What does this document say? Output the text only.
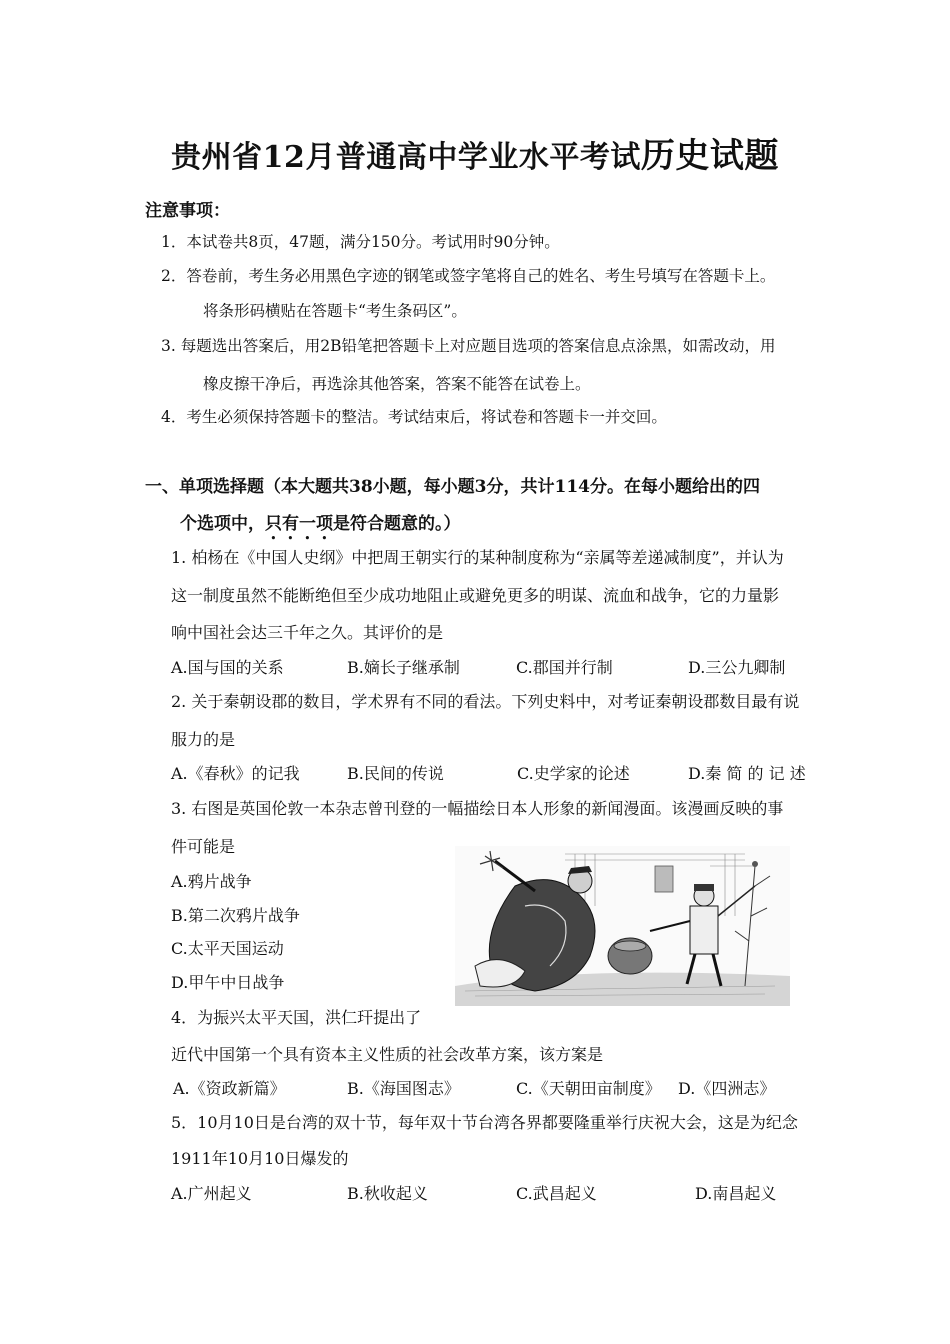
贵州省12月普通高中学业水平考试历史试题
注意事项：
1．本试卷共8页，47题，满分150分。考试用时90分钟。
2．答卷前，考生务必用黑色字迹的钢笔或签字笔将自己的姓名、考生号填写在答题卡上。
将条形码横贴在答题卡“考生条码区”。
3. 每题选出答案后，用2B铅笔把答题卡上对应题目选项的答案信息点涂黑，如需改动，用
橡皮擦干净后，再选涂其他答案，答案不能答在试卷上。
4．考生必须保持答题卡的整洁。考试结束后，将试卷和答题卡一并交回。
一、单项选择题（本大题共38小题，每小题3分，共计114分。在每小题给出的四
个选项中，只有一项是符合题意的。）
1. 柏杨在《中国人史纲》中把周王朝实行的某种制度称为“亲属等差递减制度”，并认为
这一制度虽然不能断绝但至少成功地阻止或避免更多的明谋、流血和战争，它的力量影
响中国社会达三千年之久。其评价的是
A.国与国的关系	B.嫡长子继承制	C.郡国并行制	D.三公九卿制
2. 关于秦朝设郡的数目，学术界有不同的看法。下列史料中，对考证秦朝设郡数目最有说
服力的是
A.《春秋》的记我	B.民间的传说	C.史学家的论述	D.秦 简 的 记 述
3. 右图是英国伦敦一本杂志曾刊登的一幅描绘日本人形象的新闻漫面。该漫画反映的事
件可能是
A.鸦片战争
B.第二次鸦片战争
C.太平天国运动
D.甲午中日战争
4．为振兴太平天国，洪仁玕提出了
近代中国第一个具有资本主义性质的社会改革方案，该方案是
A.《资政新篇》	B.《海国图志》	C.《天朝田亩制度》 D.《四洲志》
5．10月10日是台湾的双十节，每年双十节台湾各界都要隆重举行庆祝大会，这是为纪念
1911年10月10日爆发的
A.广州起义	B.秋收起义	C.武昌起义	D.南昌起义
